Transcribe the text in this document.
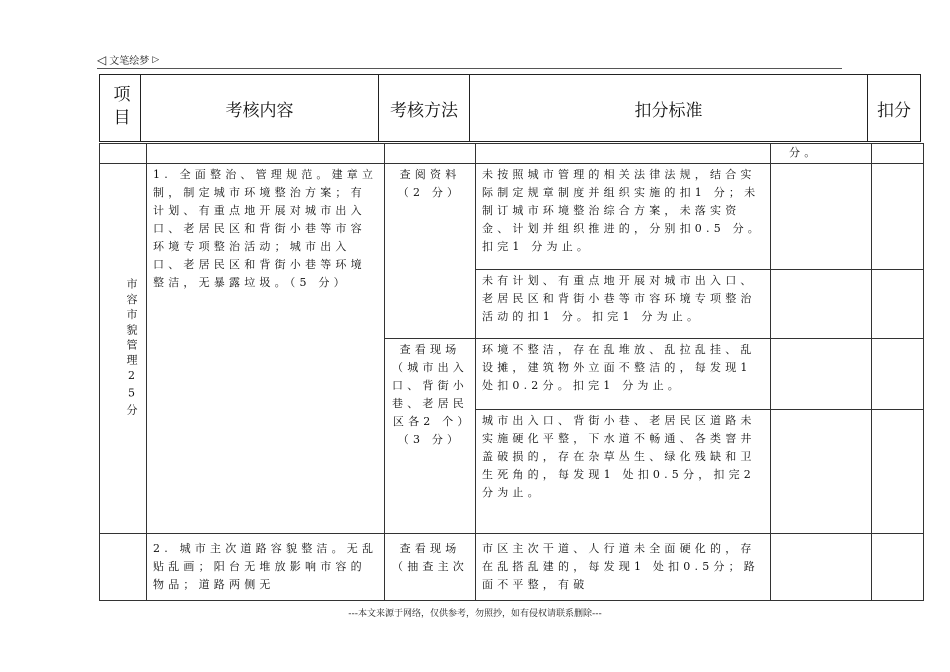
◁ 文笔绘梦 ▷
项目	考核内容	考核方法	扣分标准	扣分
				分。	
市容市貌管理25分	1. 全面整治、管理规范。建章立制，制定城市环境整治方案；有计划、有重点地开展对城市出入口、老居民区和背街小巷等市容环境专项整治活动；城市出入口、老居民区和背街小巷等环境整洁，无暴露垃圾。（5 分）	查阅资料（2 分）	未按照城市管理的相关法律法规，结合实际制定规章制度并组织实施的扣1 分；未制订城市环境整治综合方案，未落实资金、计划并组织推进的，分别扣0.5 分。扣完1 分为止。		
			未有计划、有重点地开展对城市出入口、老居民区和背街小巷等市容环境专项整治活动的扣1 分。扣完1 分为止。		
		查看现场（城市出入口、背街小巷、老居民区各2 个）（3 分）	环境不整洁，存在乱堆放、乱拉乱挂、乱设摊，建筑物外立面不整洁的，每发现1 处扣0.2分。扣完1 分为止。		
			城市出入口、背街小巷、老居民区道路未实施硬化平整，下水道不畅通、各类窨井盖破损的，存在杂草丛生、绿化残缺和卫生死角的，每发现1 处扣0.5分，扣完2 分为止。		
	2. 城市主次道路容貌整洁。无乱贴乱画；阳台无堆放影响市容的物品；道路两侧无	查看现场（抽查主次	市区主次干道、人行道未全面硬化的，存在乱搭乱建的，每发现1 处扣0.5分；路面不平整，有破		
---本文来源于网络，仅供参考，勿照抄，如有侵权请联系删除---
